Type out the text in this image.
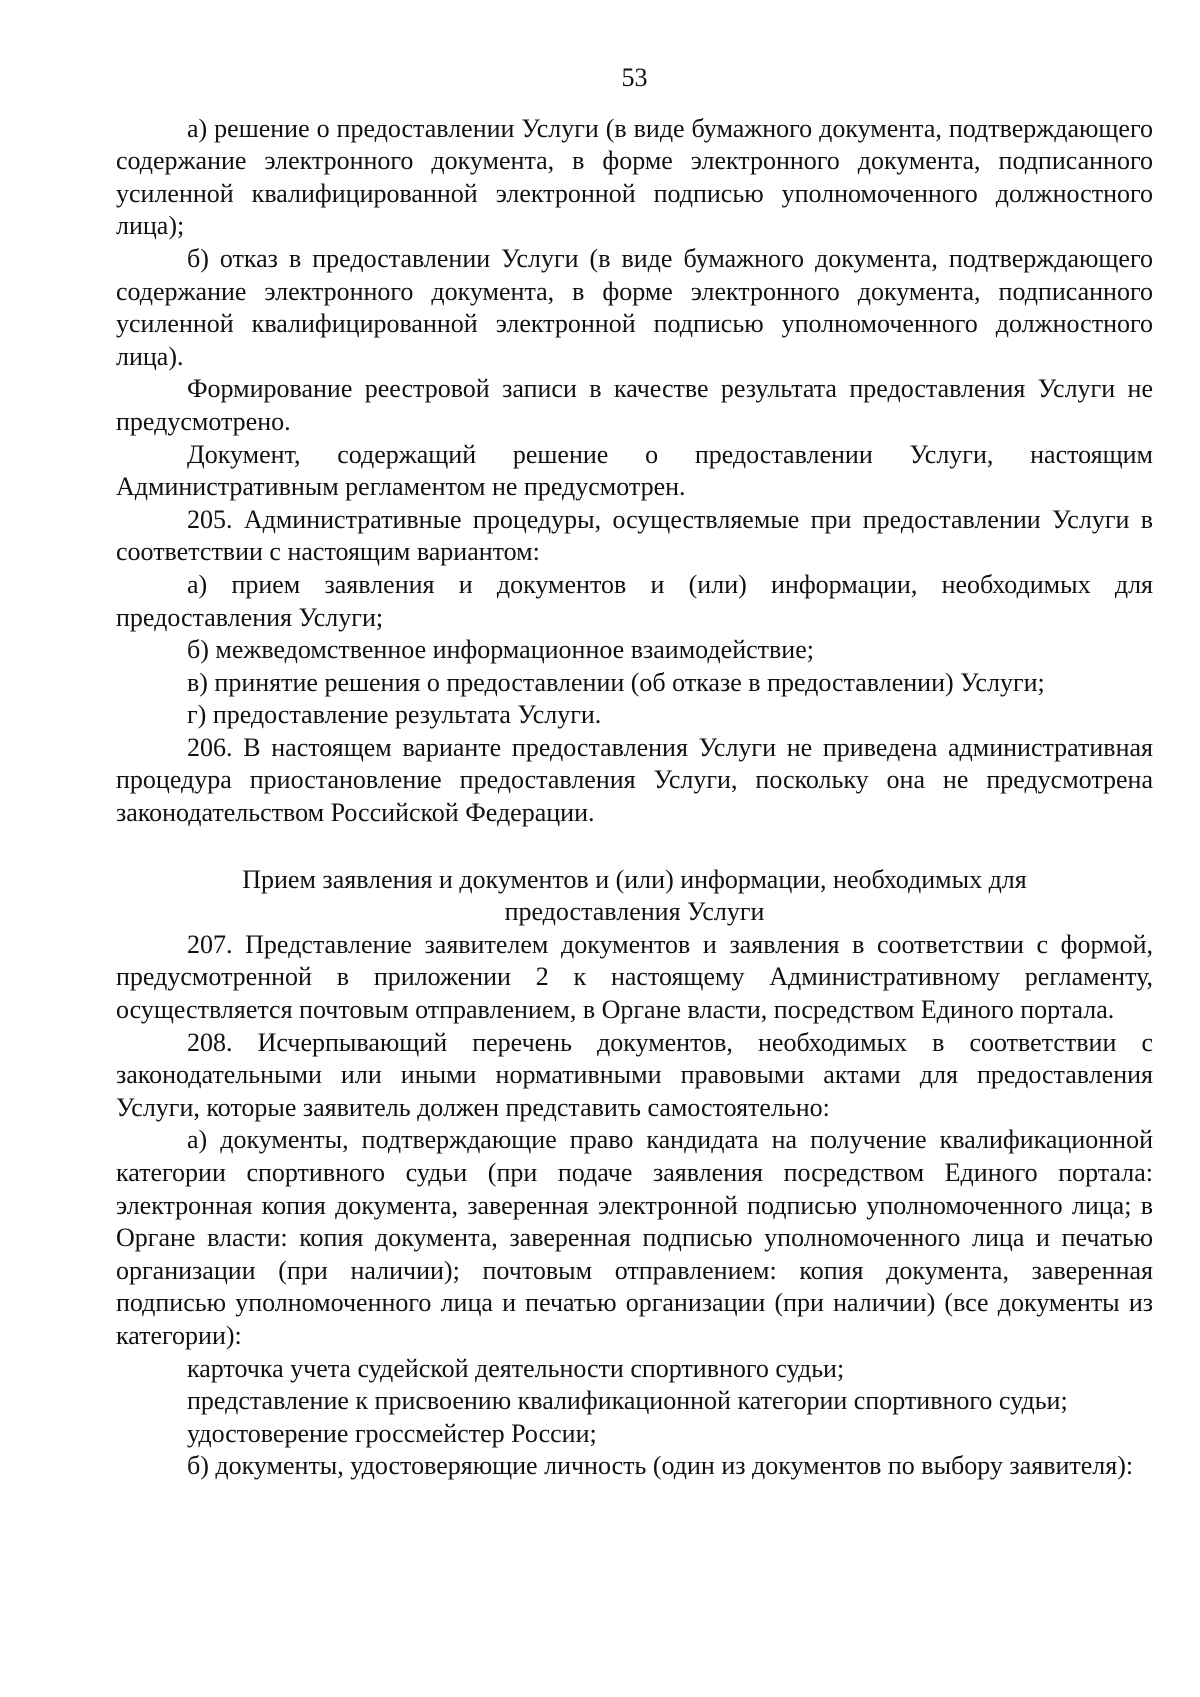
53

а) решение о предоставлении Услуги (в виде бумажного документа, подтверждающего содержание электронного документа, в форме электронного документа, подписанного усиленной квалифицированной электронной подписью уполномоченного должностного лица);

б) отказ в предоставлении Услуги (в виде бумажного документа, подтверждающего содержание электронного документа, в форме электронного документа, подписанного усиленной квалифицированной электронной подписью уполномоченного должностного лица).

Формирование реестровой записи в качестве результата предоставления Услуги не предусмотрено.

Документ, содержащий решение о предоставлении Услуги, настоящим Административным регламентом не предусмотрен.

205. Административные процедуры, осуществляемые при предоставлении Услуги в соответствии с настоящим вариантом:

а) прием заявления и документов и (или) информации, необходимых для предоставления Услуги;

б) межведомственное информационное взаимодействие;

в) принятие решения о предоставлении (об отказе в предоставлении) Услуги;

г) предоставление результата Услуги.

206. В настоящем варианте предоставления Услуги не приведена административная процедура приостановление предоставления Услуги, поскольку она не предусмотрена законодательством Российской Федерации.

Прием заявления и документов и (или) информации, необходимых для
предоставления Услуги

207. Представление заявителем документов и заявления в соответствии с формой, предусмотренной в приложении 2 к настоящему Административному регламенту, осуществляется почтовым отправлением, в Органе власти, посредством Единого портала.

208. Исчерпывающий перечень документов, необходимых в соответствии с законодательными или иными нормативными правовыми актами для предоставления Услуги, которые заявитель должен представить самостоятельно:

а) документы, подтверждающие право кандидата на получение квалификационной категории спортивного судьи (при подаче заявления посредством Единого портала: электронная копия документа, заверенная электронной подписью уполномоченного лица; в Органе власти: копия документа, заверенная подписью уполномоченного лица и печатью организации (при наличии); почтовым отправлением: копия документа, заверенная подписью уполномоченного лица и печатью организации (при наличии) (все документы из категории):

карточка учета судейской деятельности спортивного судьи;

представление к присвоению квалификационной категории спортивного судьи;

удостоверение гроссмейстер России;

б) документы, удостоверяющие личность (один из документов по выбору заявителя):
